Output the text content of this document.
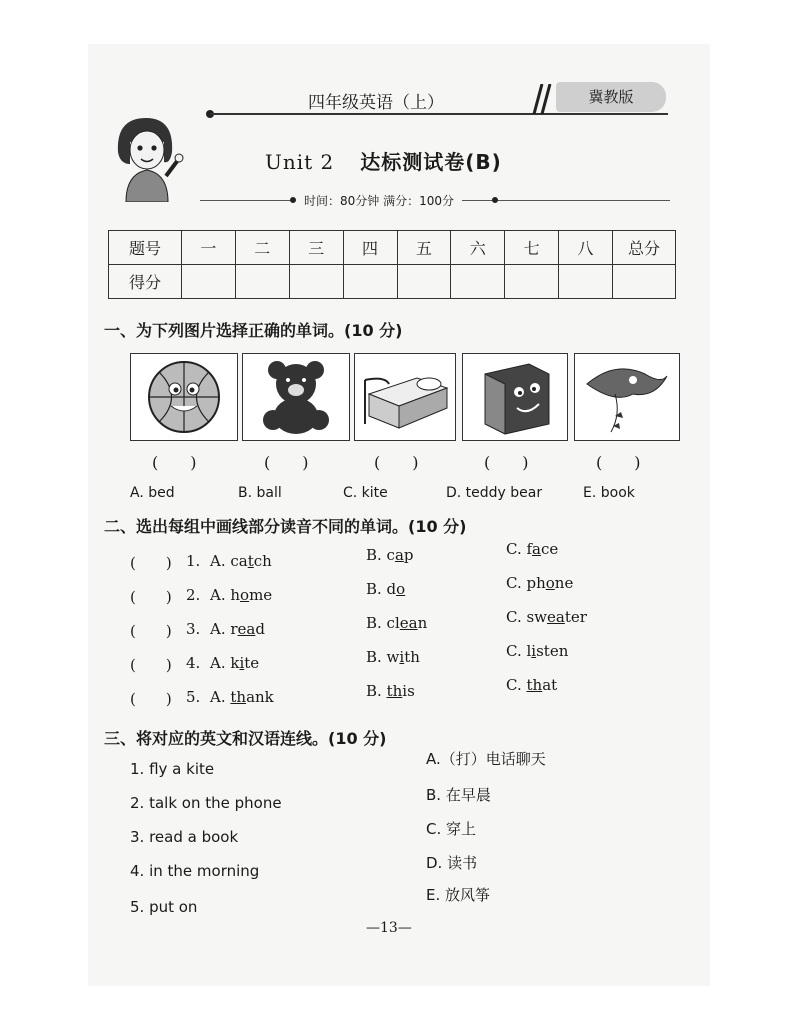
四年级英语（上）	冀教版
Unit 2 达标测试卷(B)
时间：80分钟 满分：100分
题号	一	二	三	四	五	六	七	八	总分
得分									
一、为下列图片选择正确的单词。(10 分)
(　　)	(　　)	(　　)	(　　)	(　　)
A. bed	B. ball	C. kite	D. teddy bear	E. book
二、选出每组中画线部分读音不同的单词。(10 分)
(　　) 1. A. catch	B. cap	C. face
(　　) 2. A. home	B. do	C. phone
(　　) 3. A. read	B. clean	C. sweater
(　　) 4. A. kite	B. with	C. listen
(　　) 5. A. thank	B. this	C. that
三、将对应的英文和汉语连线。(10 分)
1. fly a kite
2. talk on the phone
3. read a book
4. in the morning
5. put on
A.（打）电话聊天
B. 在早晨
C. 穿上
D. 读书
E. 放风筝
—13—
